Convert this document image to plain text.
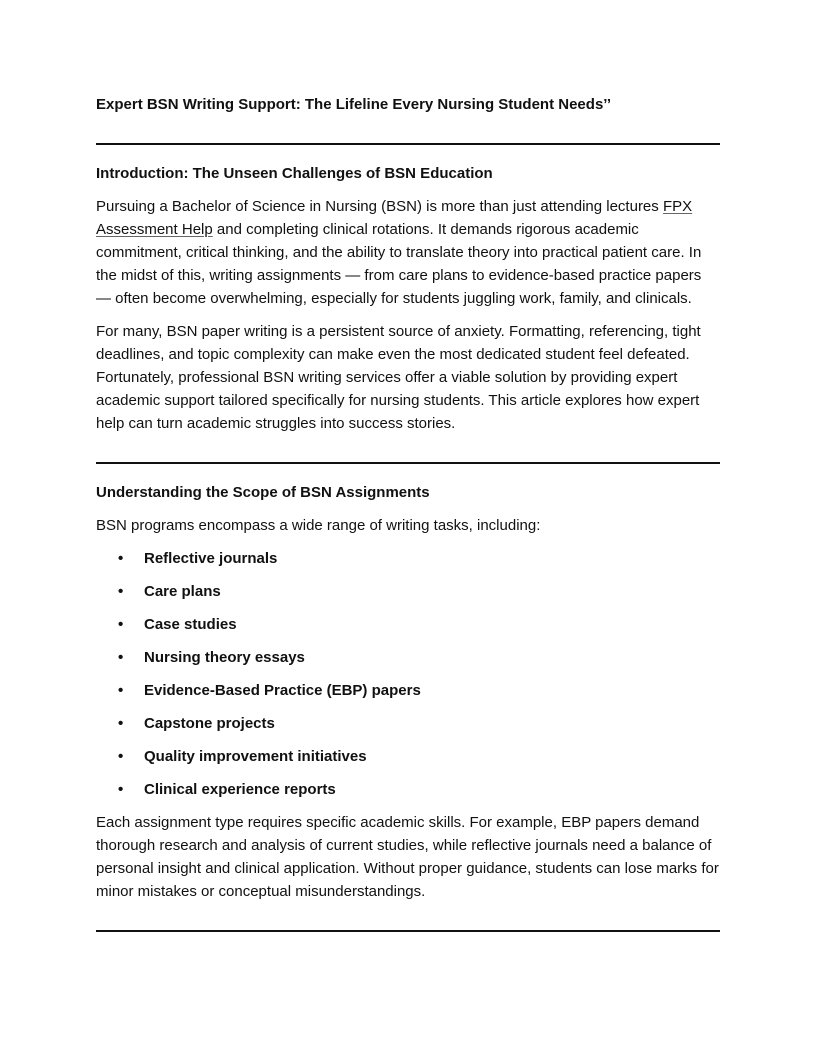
Expert BSN Writing Support: The Lifeline Every Nursing Student Needs’’

Introduction: The Unseen Challenges of BSN Education

Pursuing a Bachelor of Science in Nursing (BSN) is more than just attending lectures FPX Assessment Help and completing clinical rotations. It demands rigorous academic commitment, critical thinking, and the ability to translate theory into practical patient care. In the midst of this, writing assignments — from care plans to evidence-based practice papers — often become overwhelming, especially for students juggling work, family, and clinicals.

For many, BSN paper writing is a persistent source of anxiety. Formatting, referencing, tight deadlines, and topic complexity can make even the most dedicated student feel defeated. Fortunately, professional BSN writing services offer a viable solution by providing expert academic support tailored specifically for nursing students. This article explores how expert help can turn academic struggles into success stories.

Understanding the Scope of BSN Assignments

BSN programs encompass a wide range of writing tasks, including:

• Reflective journals
• Care plans
• Case studies
• Nursing theory essays
• Evidence-Based Practice (EBP) papers
• Capstone projects
• Quality improvement initiatives
• Clinical experience reports

Each assignment type requires specific academic skills. For example, EBP papers demand thorough research and analysis of current studies, while reflective journals need a balance of personal insight and clinical application. Without proper guidance, students can lose marks for minor mistakes or conceptual misunderstandings.
